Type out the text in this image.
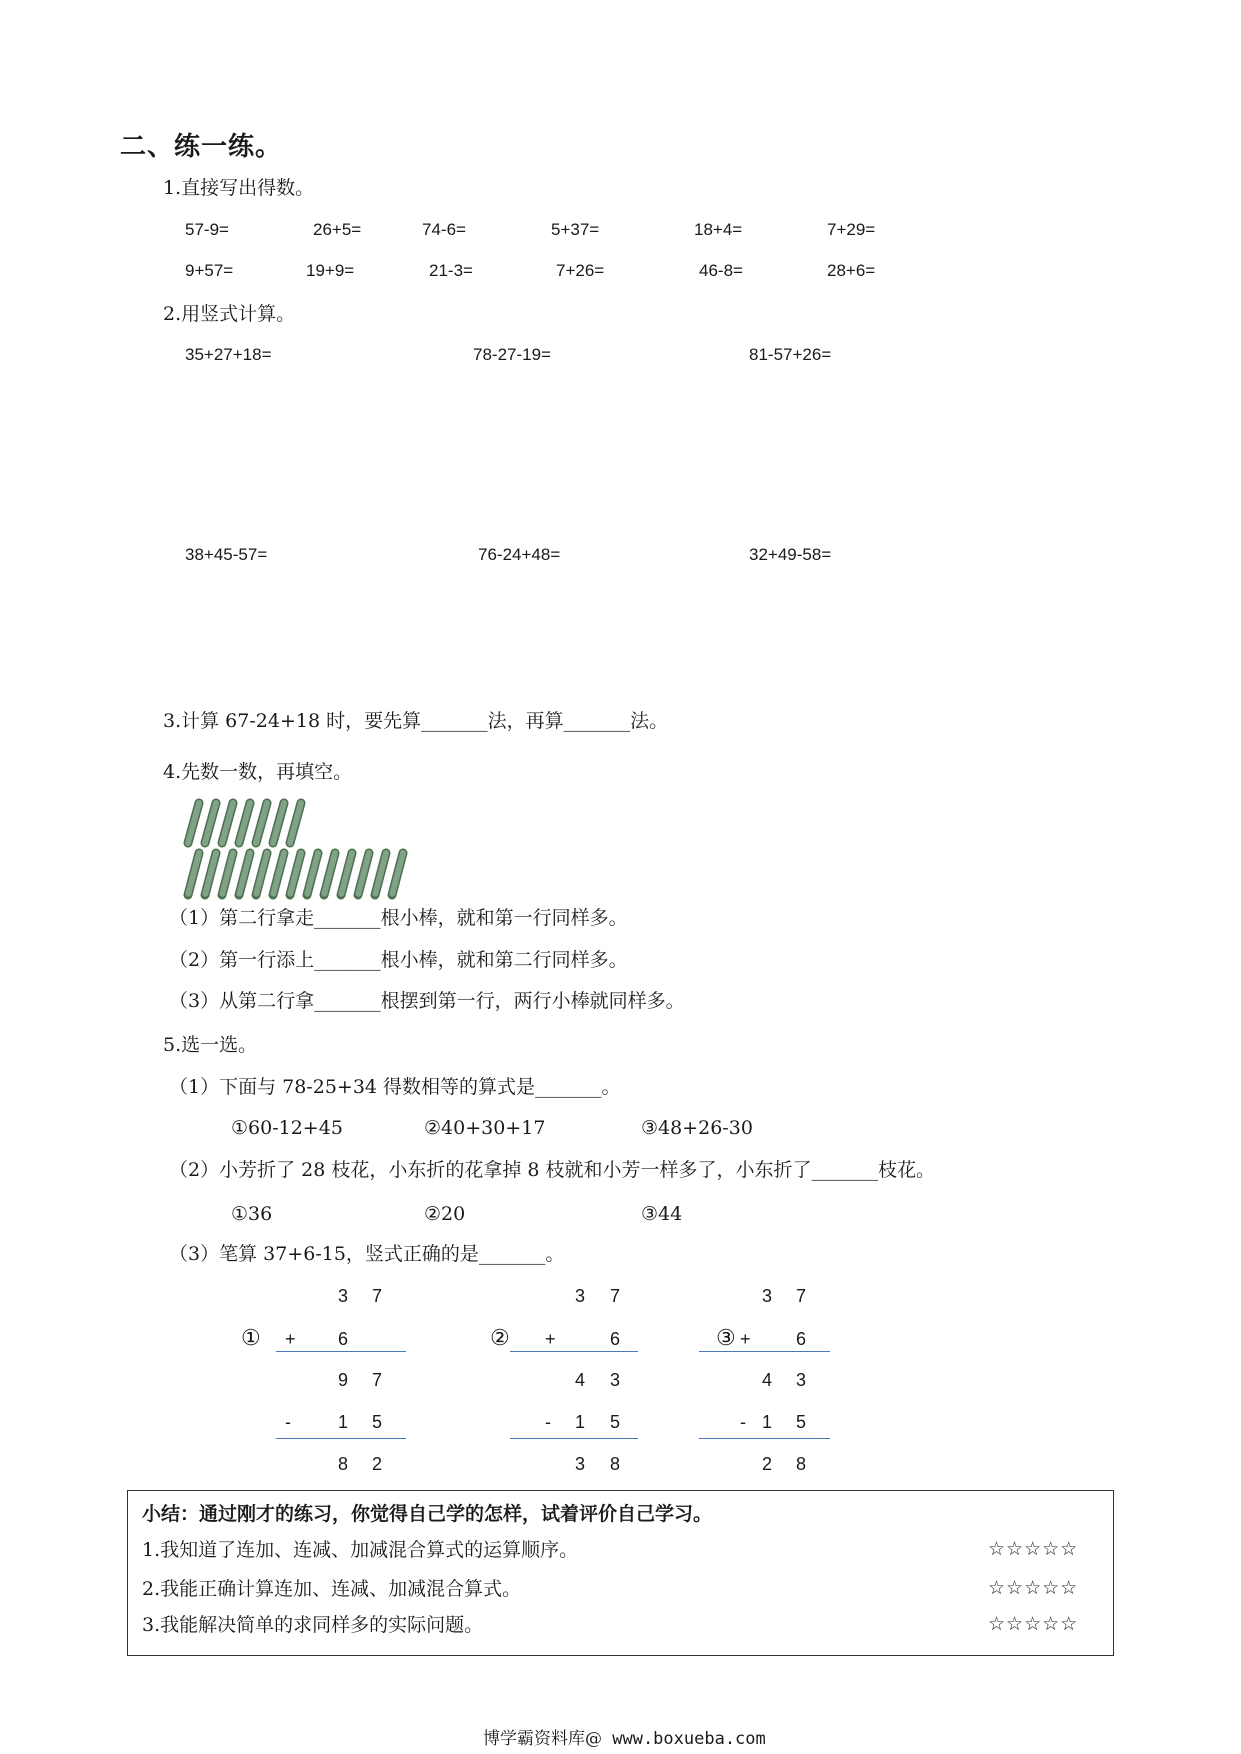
二、练一练。
1.直接写出得数。
57-9=	26+5=	74-6=	5+37=	18+4=	7+29=
9+57=	19+9=	21-3=	7+26=	46-8=	28+6=
2.用竖式计算。
35+27+18=	78-27-19=	81-57+26=
38+45-57=	76-24+48=	32+49-58=
3.计算 67-24+18 时，要先算_______法，再算_______法。
4.先数一数，再填空。
（1）第二行拿走_______根小棒，就和第一行同样多。
（2）第一行添上_______根小棒，就和第二行同样多。
（3）从第二行拿_______根摆到第一行，两行小棒就同样多。
5.选一选。
（1）下面与 78-25+34 得数相等的算式是_______。
①60-12+45	②40+30+17	③48+26-30
（2）小芳折了 28 枝花，小东折的花拿掉 8 枝就和小芳一样多了，小东折了_______枝花。
①36	②20	③44
（3）笔算 37+6-15，竖式正确的是_______。
①
3 7
+ 6
9 7
-	1 5
8 2
②
3 7
+	6
4 3
- 1 5
3 8
③
3 7
+	6
4 3
- 1 5
2 8
小结：通过刚才的练习，你觉得自己学的怎样，试着评价自己学习。
1.我知道了连加、连减、加减混合算式的运算顺序。	☆☆☆☆☆
2.我能正确计算连加、连减、加减混合算式。	☆☆☆☆☆
3.我能解决简单的求同样多的实际问题。	☆☆☆☆☆
博学霸资料库@ www.boxueba.com
